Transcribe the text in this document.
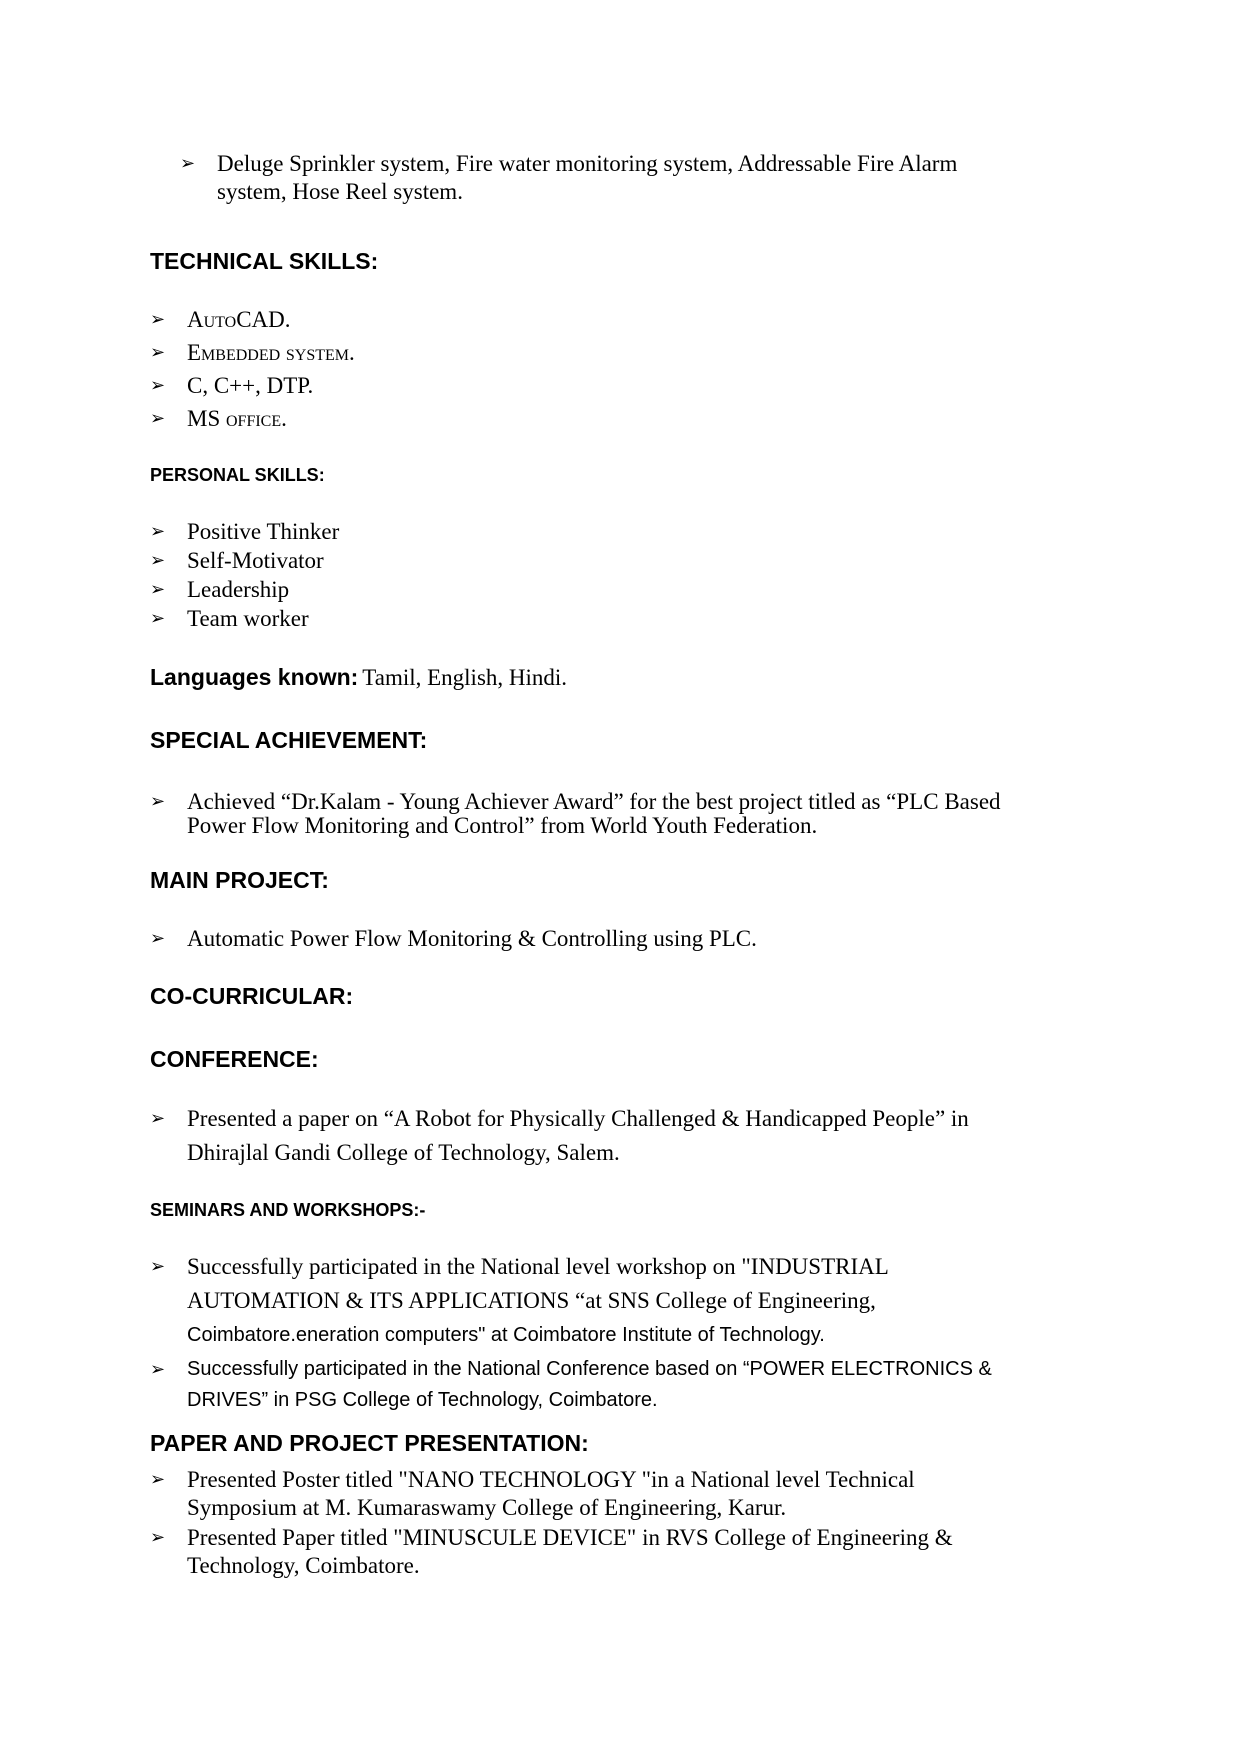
➢ Deluge Sprinkler system, Fire water monitoring system, Addressable Fire Alarm
system, Hose Reel system.
TECHNICAL SKILLS:
➢ AutoCAD.
➢ Embedded system.
➢ C, C++, DTP.
➢ MS office.
PERSONAL SKILLS:
➢ Positive Thinker
➢ Self-Motivator
➢ Leadership
➢ Team worker
Languages known: Tamil, English, Hindi.
SPECIAL ACHIEVEMENT:
➢ Achieved “Dr.Kalam - Young Achiever Award” for the best project titled as “PLC Based
Power Flow Monitoring and Control” from World Youth Federation.
MAIN PROJECT:
➢ Automatic Power Flow Monitoring & Controlling using PLC.
CO-CURRICULAR:
CONFERENCE:
➢ Presented a paper on “A Robot for Physically Challenged & Handicapped People” in
Dhirajlal Gandi College of Technology, Salem.
SEMINARS AND WORKSHOPS:-
➢ Successfully participated in the National level workshop on "INDUSTRIAL
AUTOMATION & ITS APPLICATIONS “at SNS College of Engineering,
Coimbatore.eneration computers" at Coimbatore Institute of Technology.
➢	Successfully participated in the National Conference based on “POWER ELECTRONICS &
DRIVES” in PSG College of Technology, Coimbatore.
PAPER AND PROJECT PRESENTATION:
➢ Presented Poster titled "NANO TECHNOLOGY "in a National level Technical
Symposium at M. Kumaraswamy College of Engineering, Karur.
➢ Presented Paper titled "MINUSCULE DEVICE" in RVS College of Engineering &
Technology, Coimbatore.
